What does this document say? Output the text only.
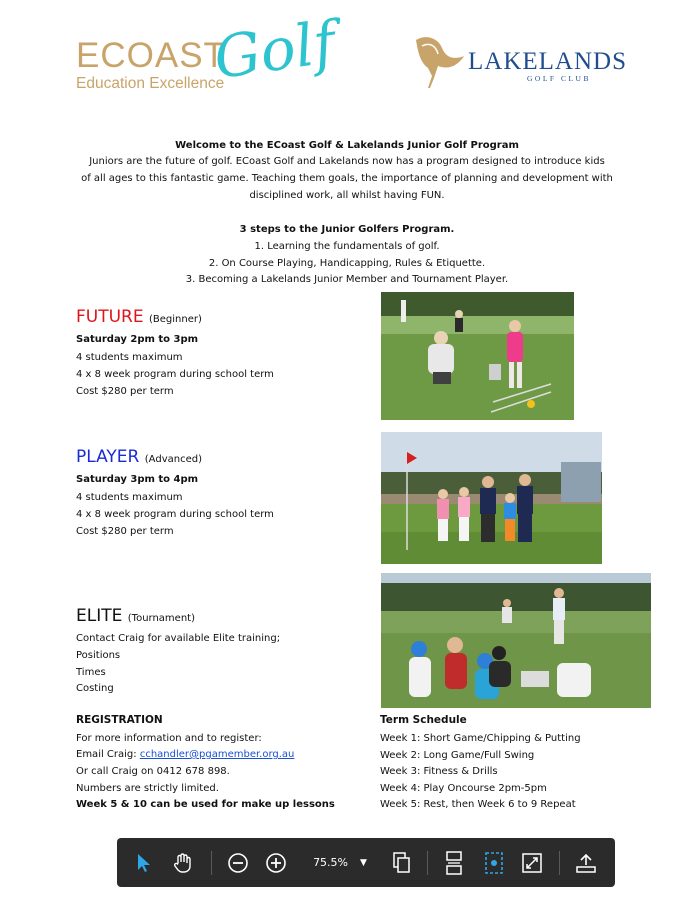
ECOAST
Education Excellence
Golf	LAKELANDS
GOLF CLUB
Welcome to the ECoast Golf & Lakelands Junior Golf Program
Juniors are the future of golf. ECoast Golf and Lakelands now has a program designed to introduce kids
of all ages to this fantastic game. Teaching them goals, the importance of planning and development with
disciplined work, all whilst having FUN.
3 steps to the Junior Golfers Program.
1. Learning the fundamentals of golf.
2. On Course Playing, Handicapping, Rules & Etiquette.
3. Becoming a Lakelands Junior Member and Tournament Player.
FUTURE (Beginner)
Saturday 2pm to 3pm
4 students maximum
4 x 8 week program during school term
Cost $280 per term
PLAYER (Advanced)
Saturday 3pm to 4pm
4 students maximum
4 x 8 week program during school term
Cost $280 per term
ELITE (Tournament)
Contact Craig for available Elite training;
Positions
Times
Costing
REGISTRATION
For more information and to register:
Email Craig: cchandler@pgamember.org.au
Or call Craig on 0412 678 898.
Numbers are strictly limited.
Week 5 & 10 can be used for make up lessons
Term Schedule
Week 1: Short Game/Chipping & Putting
Week 2: Long Game/Full Swing
Week 3: Fitness & Drills
Week 4: Play Oncourse 2pm-5pm
Week 5: Rest, then Week 6 to 9 Repeat
75.5% ▼
